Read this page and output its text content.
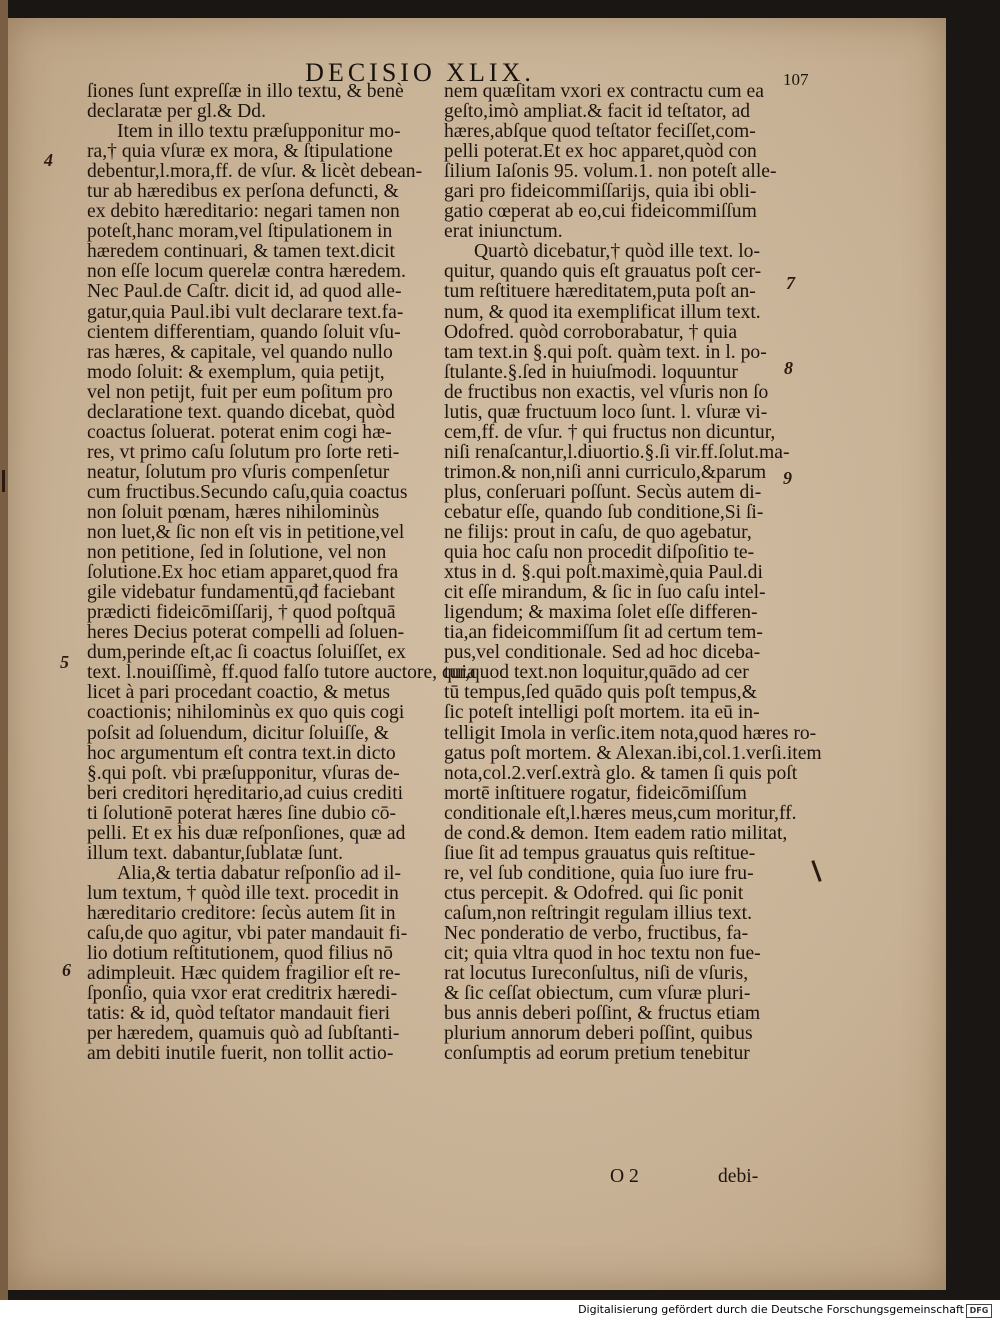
DECISIO XLIX.	107
ſiones ſunt expreſſæ in illo textu, & benè
declaratæ per gl.& Dd.
Item in illo textu præſupponitur mo-
ra,† quia vſuræ ex mora, & ſtipulatione
debentur,l.mora,ff. de vſur. & licèt debean-
tur ab hæredibus ex perſona defuncti, &
ex debito hæreditario: negari tamen non
poteſt,hanc moram,vel ſtipulationem in
hæredem continuari, & tamen text.dicit
non eſſe locum querelæ contra hæredem.
Nec Paul.de Caſtr. dicit id, ad quod alle-
gatur,quia Paul.ibi vult declarare text.fa-
cientem differentiam, quando ſoluit vſu-
ras hæres, & capitale, vel quando nullo
modo ſoluit: & exemplum, quia petijt,
vel non petijt, fuit per eum poſitum pro
declaratione text. quando dicebat, quòd
coactus ſoluerat. poterat enim cogi hæ-
res, vt primo caſu ſolutum pro ſorte reti-
neatur, ſolutum pro vſuris compenſetur
cum fructibus.Secundo caſu,quia coactus
non ſoluit pœnam, hæres nihilominùs
non luet,& ſic non eſt vis in petitione,vel
non petitione, ſed in ſolutione, vel non
ſolutione.Ex hoc etiam apparet,quod fra
gile videbatur fundamentū,qđ faciebant
prædicti fideicōmiſſarij, † quod poſtquā
heres Decius poterat compelli ad ſoluen-
dum,perinde eſt,ac ſi coactus ſoluiſſet, ex
text. l.nouiſſimè, ff.quod falſo tutore auctore, quia
licet à pari procedant coactio, & metus
coactionis; nihilominùs ex quo quis cogi
poſsit ad ſoluendum, dicitur ſoluiſſe, &
hoc argumentum eſt contra text.in dicto
§.qui poſt. vbi præſupponitur, vſuras de-
beri creditori hęreditario,ad cuius crediti
ti ſolutionē poterat hæres ſine dubio cō-
pelli. Et ex his duæ reſponſiones, quæ ad
illum text. dabantur,ſublatæ ſunt.
Alia,& tertia dabatur reſponſio ad il-
lum textum, † quòd ille text. procedit in
hæreditario creditore: ſecùs autem ſit in
caſu,de quo agitur, vbi pater mandauit fi-
lio dotium reſtitutionem, quod filius nō
adimpleuit. Hæc quidem fragilior eſt re-
ſponſio, quia vxor erat creditrix hæredi-
tatis: & id, quòd teſtator mandauit fieri
per hæredem, quamuis quò ad ſubſtanti-
am debiti inutile fuerit, non tollit actio-
nem quæſitam vxori ex contractu cum ea
geſto,imò ampliat.& facit id teſtator, ad
hæres,abſque quod teſtator feciſſet,com-
pelli poterat.Et ex hoc apparet,quòd con
ſilium Iaſonis 95. volum.1. non poteſt alle-
gari pro fideicommiſſarijs, quia ibi obli-
gatio cœperat ab eo,cui fideicommiſſum
erat iniunctum.
Quartò dicebatur,† quòd ille text. lo-
quitur, quando quis eſt grauatus poſt cer-
tum reſtituere hæreditatem,puta poſt an-
num, & quod ita exemplificat illum text.
Odofred. quòd corroborabatur, † quia
tam text.in §.qui poſt. quàm text. in l. po-
ſtulante.§.ſed in huiuſmodi. loquuntur
de fructibus non exactis, vel vſuris non ſo
lutis, quæ fructuum loco ſunt. l. vſuræ vi-
cem,ff. de vſur. † qui fructus non dicuntur,
niſi renaſcantur,l.diuortio.§.ſi vir.ff.ſolut.ma-
trimon.& non,niſi anni curriculo,&parum
plus, conſeruari poſſunt. Secùs autem di-
cebatur eſſe, quando ſub conditione,Si ſi-
ne filijs: prout in caſu, de quo agebatur,
quia hoc caſu non procedit diſpoſitio te-
xtus in d. §.qui poſt.maximè,quia Paul.di
cit eſſe mirandum, & ſic in ſuo caſu intel-
ligendum; & maxima ſolet eſſe differen-
tia,an fideicommiſſum ſit ad certum tem-
pus,vel conditionale. Sed ad hoc diceba-
tur,quod text.non loquitur,quādo ad cer
tū tempus,ſed quādo quis poſt tempus,&
ſic poteſt intelligi poſt mortem. ita eū in-
telligit Imola in verſic.item nota,quod hæres ro-
gatus poſt mortem. & Alexan.ibi,col.1.verſi.item
nota,col.2.verſ.extrà glo. & tamen ſi quis poſt
mortē inſtituere rogatur, fideicōmiſſum
conditionale eſt,l.hæres meus,cum moritur,ff.
de cond.& demon. Item eadem ratio militat,
ſiue ſit ad tempus grauatus quis reſtitue-
re, vel ſub conditione, quia ſuo iure fru-
ctus percepit. & Odofred. qui ſic ponit
caſum,non reſtringit regulam illius text.
Nec ponderatio de verbo, fructibus, fa-
cit; quia vltra quod in hoc textu non fue-
rat locutus Iureconſultus, niſi de vſuris,
& ſic ceſſat obiectum, cum vſuræ pluri-
bus annis deberi poſſint, & fructus etiam
plurium annorum deberi poſſint, quibus
conſumptis ad eorum pretium tenebitur
4
5
6
7
8
9
O 2	debi-
Digitalisierung gefördert durch die Deutsche Forschungsgemeinschaft DFG
